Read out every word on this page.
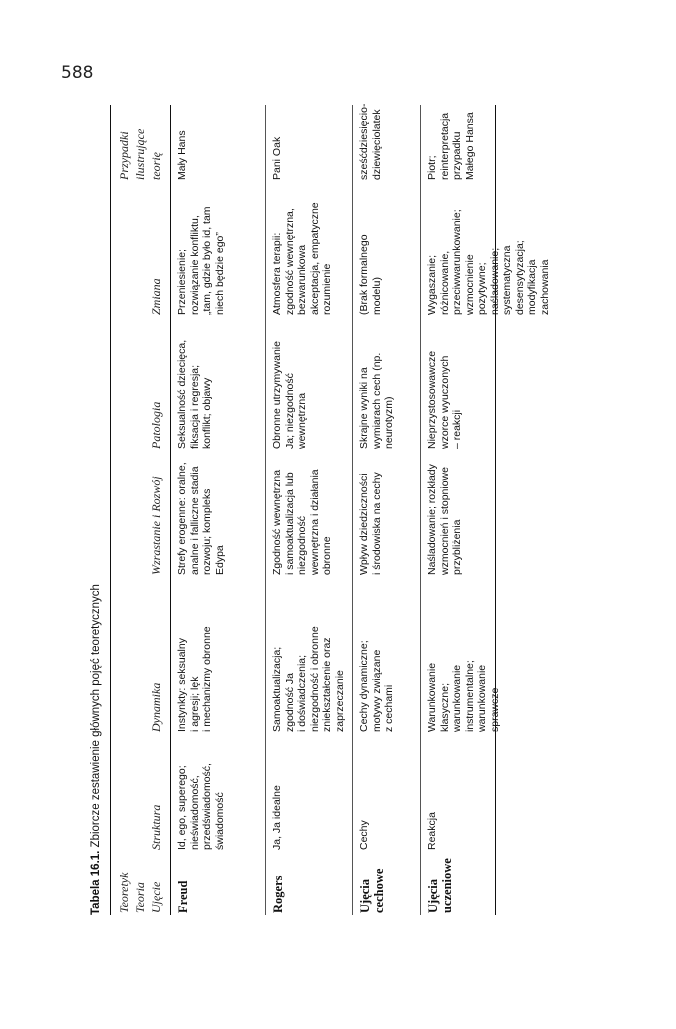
588
Tabela 16.1. Zbiorcze zestawienie głównych pojęć teoretycznych
Teoretyk Teoria Ujęcie
Struktura
Dynamika
Wzrastanie i Rozwój
Patologia
Zmiana
Przypadki ilustrujące teorię
Freud
Id, ego, superego;
nieświadomość,
przedświadomość,
świadomość
Instynkty: seksualny
i agresji; lęk
i mechanizmy obronne
Strefy erogenne: oralne,
analne i falliczne stadia
rozwoju; kompleks
Edypa
Seksualność dziecięca,
fiksacja i regresja;
konflikt; objawy
Przeniesienie;
rozwiązanie konfliktu,
„tam, gdzie było id, tam
niech będzie ego”
Mały Hans
Rogers
Ja, Ja idealne
Samoaktualizacja;
zgodność Ja
i doświadczenia;
niezgodność i obronne
zniekształcenie oraz
zaprzeczanie
Zgodność wewnętrzna
i samoaktualizacja lub
niezgodność
wewnętrzna i działania
obronne
Obronne utrzymywanie
Ja; niezgodność
wewnętrzna
Atmosfera terapii:
zgodność wewnętrzna,
bezwarunkowa
akceptacja, empatyczne
rozumienie
Pani Oak
Ujęcia
cechowe
Cechy
Cechy dynamiczne;
motywy związane
z cechami
Wpływ dziedziczności
i środowiska na cechy
Skrajne wyniki na
wymiarach cech (np.
neurotyzm)
(Brak formalnego
modelu)
sześćdziesięcio-
dziewięciolatek
Ujęcia
uczeniowe
Reakcja
Warunkowanie
klasyczne;
warunkowanie
instrumentalne;
warunkowanie
sprawcze
Naśladowanie; rozkłady
wzmocnień i stopniowe
przybliżenia
Nieprzystosowawcze
wzorce wyuczonych
– reakcji
Wygaszanie;
różnicowanie,
przeciwwarunkowanie;
wzmocnienie
pozytywne;
naśladowanie;
systematyczna
desensytyzacja;
modyfikacja
zachowania
Piotr;
reinterpretacja
przypadku
Małego Hansa
